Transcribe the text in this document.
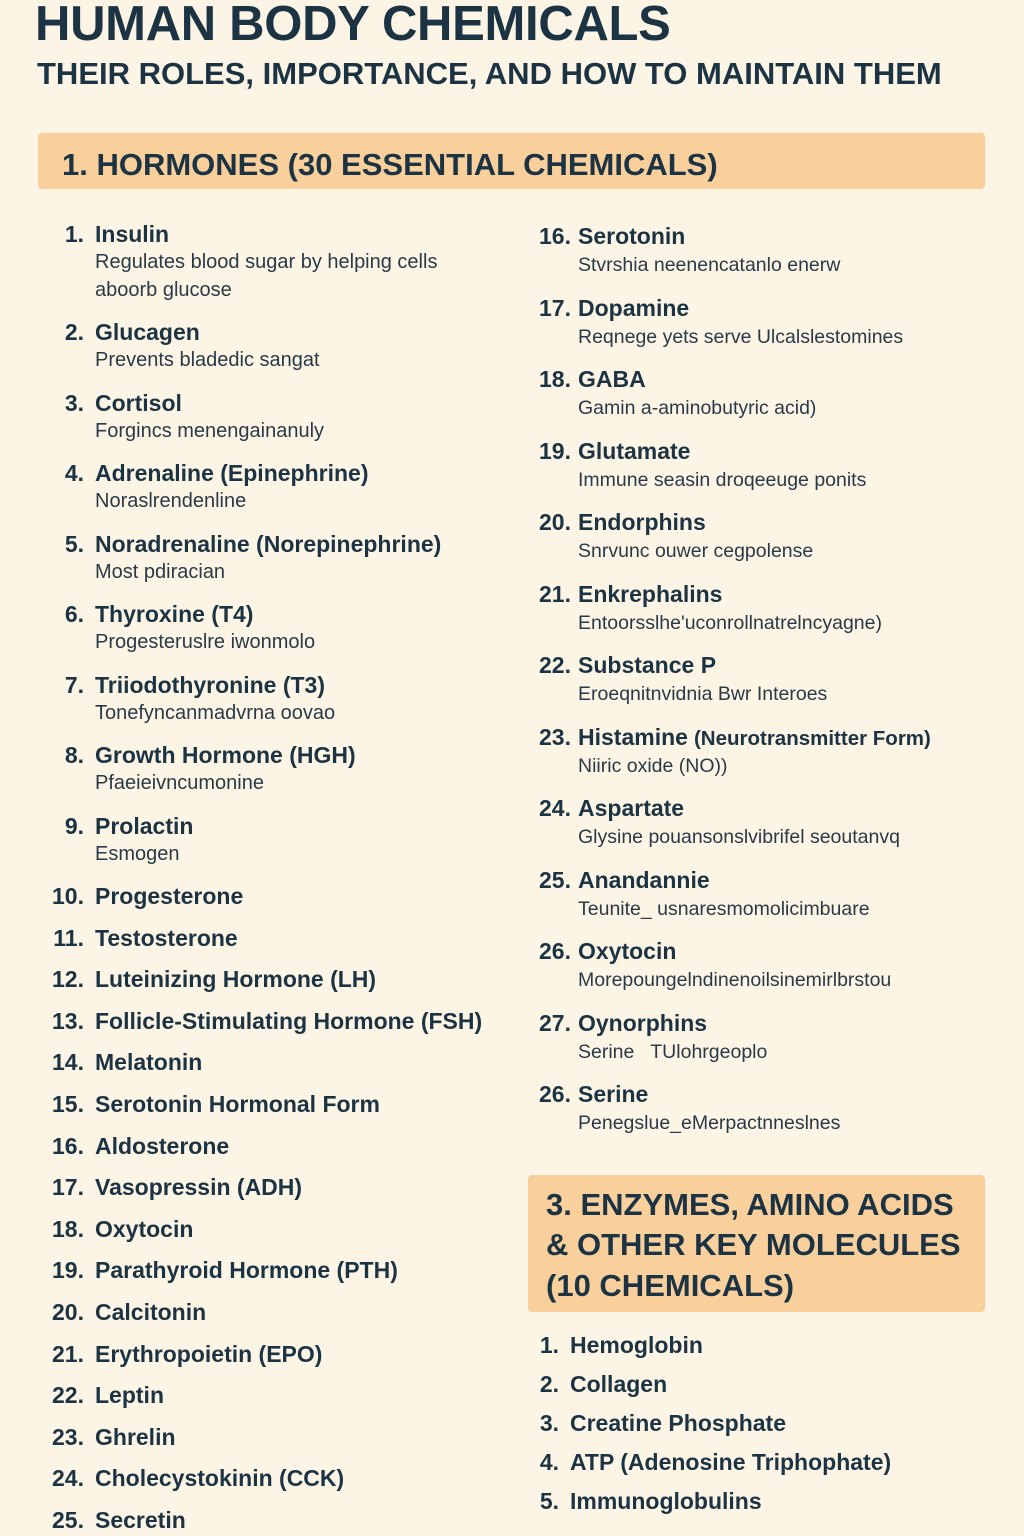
HUMAN BODY CHEMICALS
THEIR ROLES, IMPORTANCE, AND HOW TO MAINTAIN THEM
1. HORMONES (30 ESSENTIAL CHEMICALS)
1. Insulin
Regulates blood sugar by helping cells aboorb glucose
2. Glucagen
Prevents bladedic sangat
3. Cortisol
Forgincs menengainanuly
4. Adrenaline (Epinephrine)
Noraslrendenline
5. Noradrenaline (Norepinephrine)
Most pdiracian
6. Thyroxine (T4)
Progesteruslre iwonmolo
7. Triiodothyronine (T3)
Tonefyncanmadvrna oovao
8. Growth Hormone (HGH)
Pfaeieivncumonine
9. Prolactin
Esmogen
10. Progesterone
11. Testosterone
12. Luteinizing Hormone (LH)
13. Follicle-Stimulating Hormone (FSH)
14. Melatonin
15. Serotonin Hormonal Form
16. Aldosterone
17. Vasopressin (ADH)
18. Oxytocin
19. Parathyroid Hormone (PTH)
20. Calcitonin
21. Erythropoietin (EPO)
22. Leptin
23. Ghrelin
24. Cholecystokinin (CCK)
25. Secretin
16. Serotonin
Stvrshia neenencatanlo enerw
17. Dopamine
Reqnege yets serve Ulcalslestomines
18. GABA
Gamin a-aminobutyric acid)
19. Glutamate
Immune seasin droqeeuge ponits
20. Endorphins
Snrvunc ouwer cegpolense
21. Enkrephalins
Entoorsslhe'uconrollnatrelncyagne)
22. Substance P
Eroeqnitnvidnia Bwr Interoes
23. Histamine (Neurotransmitter Form)
Niiric oxide (NO))
24. Aspartate
Glysine pouansonslvibrifel seoutanvq
25. Anandannie
Teunite_ usnaresmomolicimbuare
26. Oxytocin
Morepoungelndinenoilsinemirlbrstou
27. Oynorphins
Serine   TUlohrgeoplo
26. Serine
Penegslue_eMerpactnneslnes
3. ENZYMES, AMINO ACIDS
& OTHER KEY MOLECULES
(10 CHEMICALS)
1. Hemoglobin
2. Collagen
3. Creatine Phosphate
4. ATP (Adenosine Triphophate)
5. Immunoglobulins
